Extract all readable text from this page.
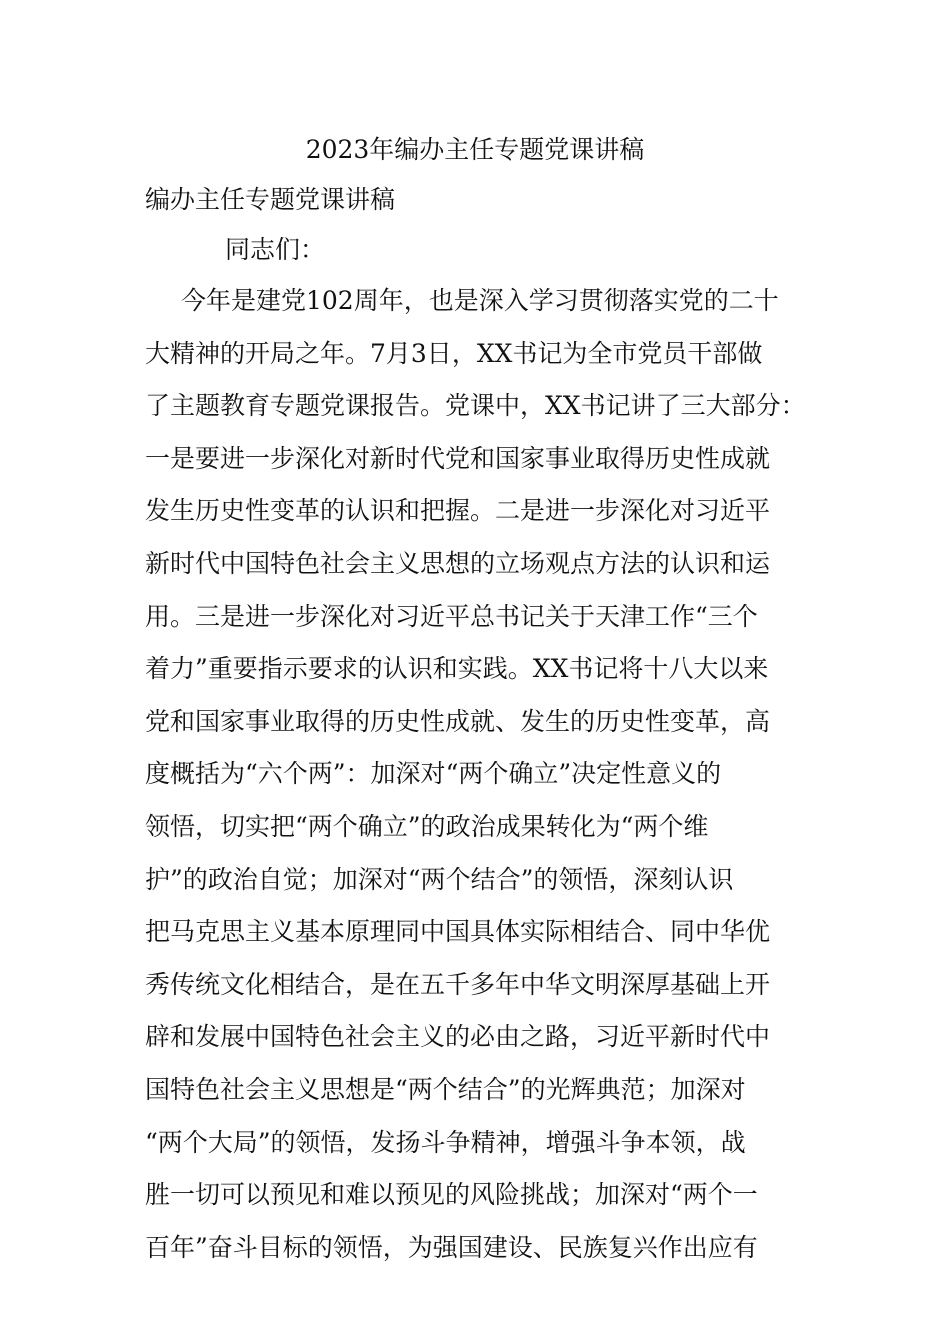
2023年编办主任专题党课讲稿
编办主任专题党课讲稿
同志们：
今年是建党102周年，也是深入学习贯彻落实党的二十
大精神的开局之年。7月3日，XX书记为全市党员干部做
了主题教育专题党课报告。党课中，XX书记讲了三大部分：
一是要进一步深化对新时代党和国家事业取得历史性成就
发生历史性变革的认识和把握。二是进一步深化对习近平
新时代中国特色社会主义思想的立场观点方法的认识和运
用。三是进一步深化对习近平总书记关于天津工作“三个
着力”重要指示要求的认识和实践。XX书记将十八大以来
党和国家事业取得的历史性成就、发生的历史性变革，高
度概括为“六个两”：加深对“两个确立”决定性意义的
领悟，切实把“两个确立”的政治成果转化为“两个维
护”的政治自觉；加深对“两个结合”的领悟，深刻认识
把马克思主义基本原理同中国具体实际相结合、同中华优
秀传统文化相结合，是在五千多年中华文明深厚基础上开
辟和发展中国特色社会主义的必由之路，习近平新时代中
国特色社会主义思想是“两个结合”的光辉典范；加深对
“两个大局”的领悟，发扬斗争精神，增强斗争本领，战
胜一切可以预见和难以预见的风险挑战；加深对“两个一
百年”奋斗目标的领悟，为强国建设、民族复兴作出应有
